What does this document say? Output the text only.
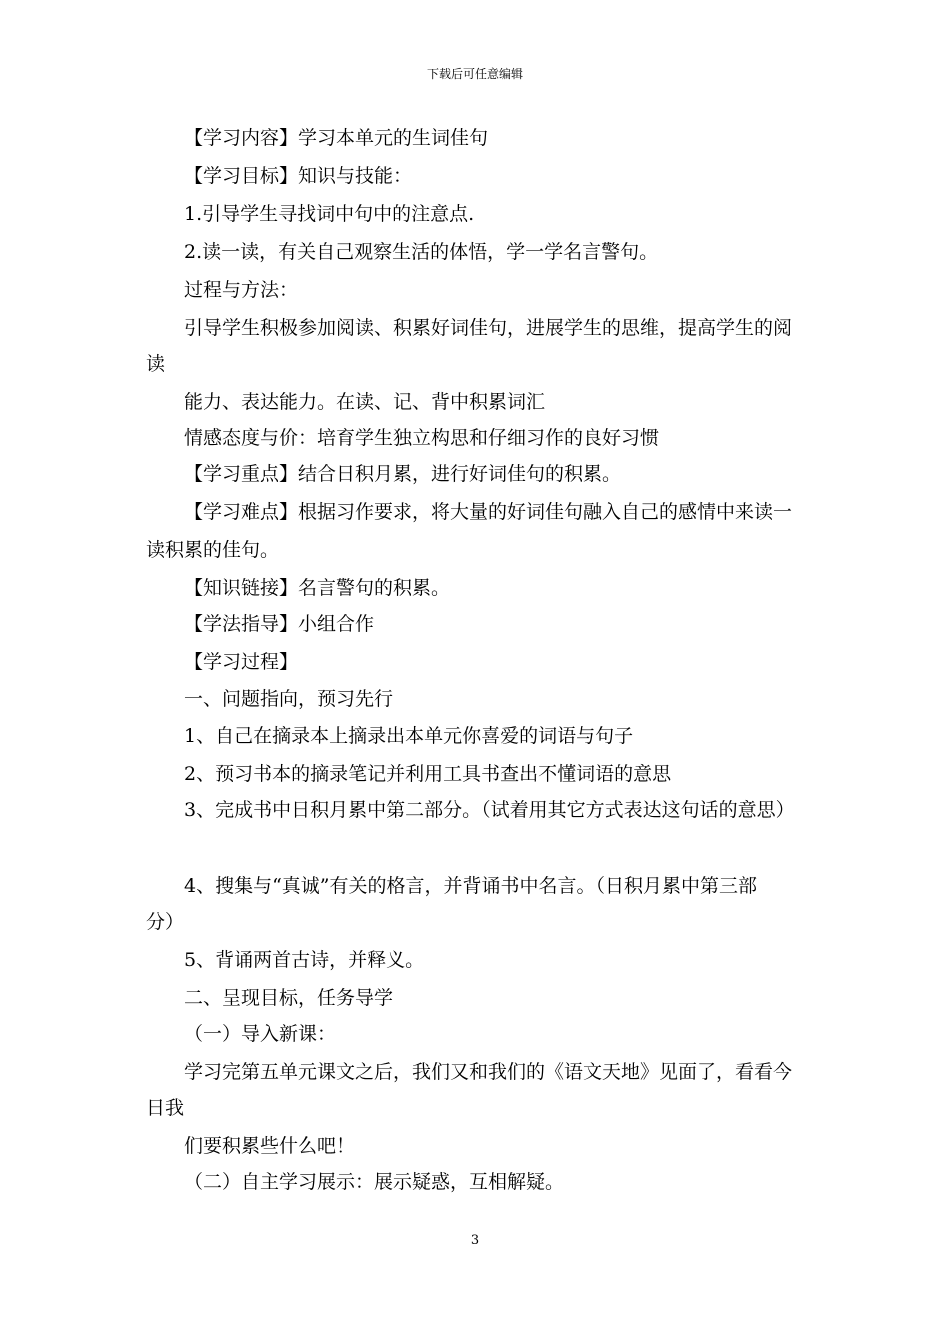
下载后可任意编辑
【学习内容】学习本单元的生词佳句
【学习目标】知识与技能：
1.引导学生寻找词中句中的注意点.
2.读一读，有关自己观察生活的体悟，学一学名言警句。
过程与方法：
引导学生积极参加阅读、积累好词佳句，进展学生的思维，提高学生的阅
读
能力、表达能力。在读、记、背中积累词汇
情感态度与价：培育学生独立构思和仔细习作的良好习惯
【学习重点】结合日积月累，进行好词佳句的积累。
【学习难点】根据习作要求，将大量的好词佳句融入自己的感情中来读一
读积累的佳句。
【知识链接】名言警句的积累。
【学法指导】小组合作
【学习过程】
一、问题指向，预习先行
1、自己在摘录本上摘录出本单元你喜爱的词语与句子
2、预习书本的摘录笔记并利用工具书查出不懂词语的意思
3、完成书中日积月累中第二部分。（试着用其它方式表达这句话的意思）
4、搜集与“真诚”有关的格言，并背诵书中名言。（日积月累中第三部
分）
5、背诵两首古诗，并释义。
二、呈现目标，任务导学
（一）导入新课：
学习完第五单元课文之后，我们又和我们的《语文天地》见面了，看看今
日我
们要积累些什么吧！
（二）自主学习展示：展示疑惑，互相解疑。
3
